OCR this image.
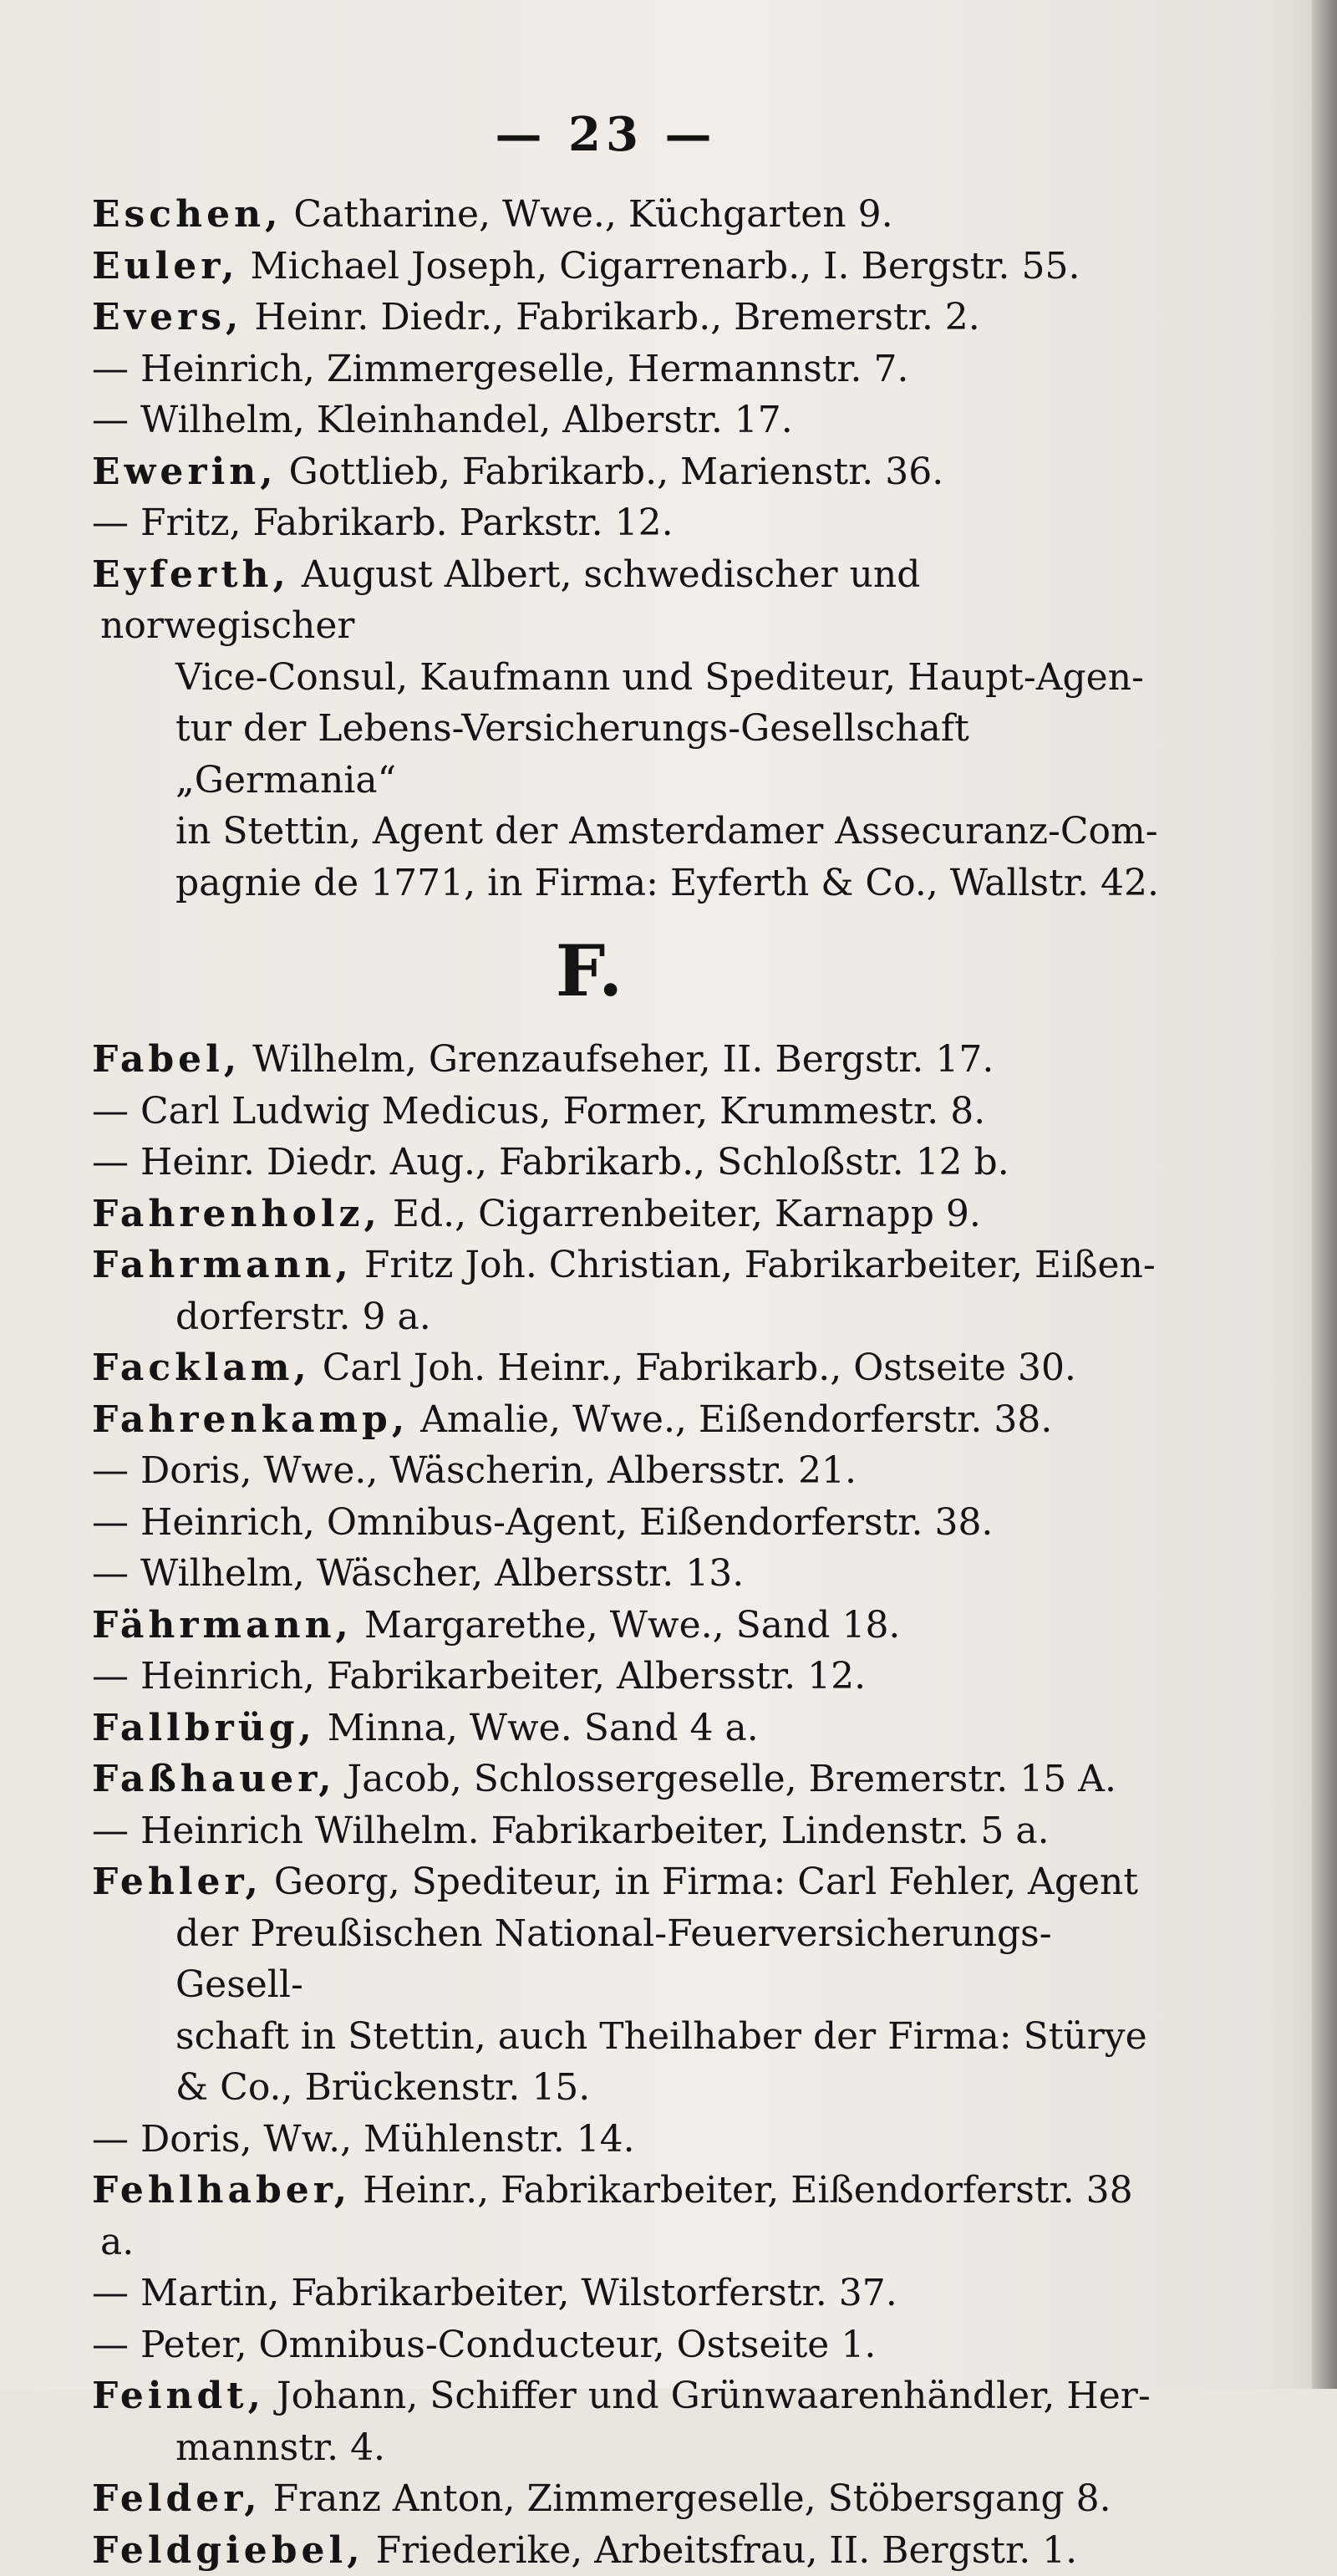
— 23 —
Eschen, Catharine, Wwe., Küchgarten 9.
Euler, Michael Joseph, Cigarrenarb., I. Bergstr. 55.
Evers, Heinr. Diedr., Fabrikarb., Bremerstr. 2.
— Heinrich, Zimmergeselle, Hermannstr. 7.
— Wilhelm, Kleinhandel, Alberstr. 17.
Ewerin, Gottlieb, Fabrikarb., Marienstr. 36.
— Fritz, Fabrikarb. Parkstr. 12.
Eyferth, August Albert, schwedischer und norwegischer
Vice-Consul, Kaufmann und Spediteur, Haupt-Agen-
tur der Lebens-Versicherungs-Gesellschaft „Germania“
in Stettin, Agent der Amsterdamer Assecuranz-Com-
pagnie de 1771, in Firma: Eyferth & Co., Wallstr. 42.
F.
Fabel, Wilhelm, Grenzaufseher, II. Bergstr. 17.
— Carl Ludwig Medicus, Former, Krummestr. 8.
— Heinr. Diedr. Aug., Fabrikarb., Schloßstr. 12 b.
Fahrenholz, Ed., Cigarrenbeiter, Karnapp 9.
Fahrmann, Fritz Joh. Christian, Fabrikarbeiter, Eißen-
dorferstr. 9 a.
Facklam, Carl Joh. Heinr., Fabrikarb., Ostseite 30.
Fahrenkamp, Amalie, Wwe., Eißendorferstr. 38.
— Doris, Wwe., Wäscherin, Albersstr. 21.
— Heinrich, Omnibus-Agent, Eißendorferstr. 38.
— Wilhelm, Wäscher, Albersstr. 13.
Fährmann, Margarethe, Wwe., Sand 18.
— Heinrich, Fabrikarbeiter, Albersstr. 12.
Fallbrüg, Minna, Wwe. Sand 4 a.
Faßhauer, Jacob, Schlossergeselle, Bremerstr. 15 A.
— Heinrich Wilhelm. Fabrikarbeiter, Lindenstr. 5 a.
Fehler, Georg, Spediteur, in Firma: Carl Fehler, Agent
der Preußischen National-Feuerversicherungs-Gesell-
schaft in Stettin, auch Theilhaber der Firma: Stürye
& Co., Brückenstr. 15.
— Doris, Ww., Mühlenstr. 14.
Fehlhaber, Heinr., Fabrikarbeiter, Eißendorferstr. 38 a.
— Martin, Fabrikarbeiter, Wilstorferstr. 37.
— Peter, Omnibus-Conducteur, Ostseite 1.
Feindt, Johann, Schiffer und Grünwaarenhändler, Her-
mannstr. 4.
Felder, Franz Anton, Zimmergeselle, Stöbersgang 8.
Feldgiebel, Friederike, Arbeitsfrau, II. Bergstr. 1.
